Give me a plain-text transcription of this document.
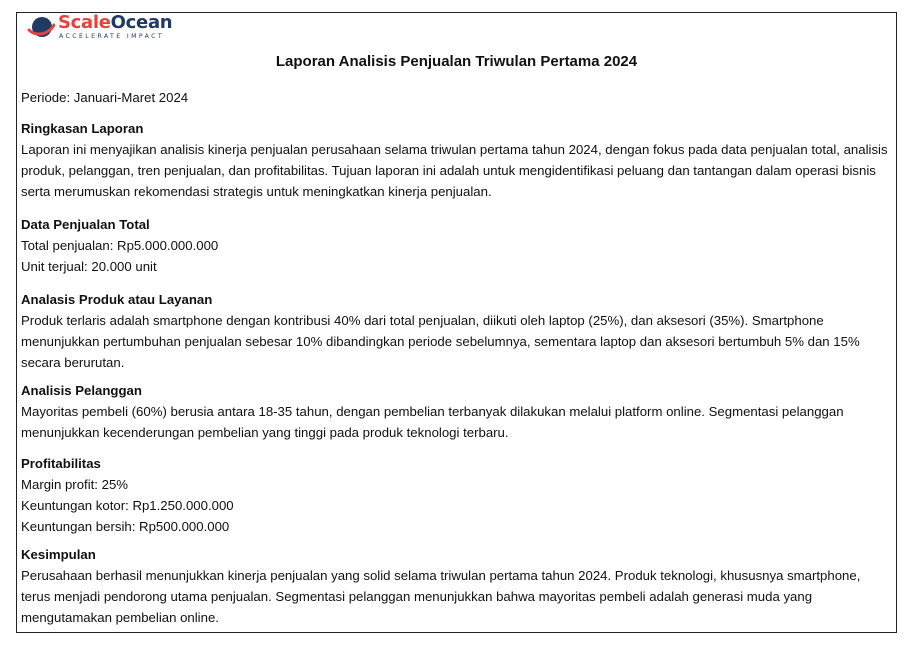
ScaleOcean
ACCELERATE IMPACT
Laporan Analisis Penjualan Triwulan Pertama 2024

Periode: Januari-Maret 2024

Ringkasan Laporan

Laporan ini menyajikan analisis kinerja penjualan perusahaan selama triwulan pertama tahun 2024, dengan fokus pada data penjualan total, analisis produk, pelanggan, tren penjualan, dan profitabilitas. Tujuan laporan ini adalah untuk mengidentifikasi peluang dan tantangan dalam operasi bisnis serta merumuskan rekomendasi strategis untuk meningkatkan kinerja penjualan.

Data Penjualan Total

Total penjualan: Rp5.000.000.000

Unit terjual: 20.000 unit

Analasis Produk atau Layanan

Produk terlaris adalah smartphone dengan kontribusi 40% dari total penjualan, diikuti oleh laptop (25%), dan aksesori (35%). Smartphone menunjukkan pertumbuhan penjualan sebesar 10% dibandingkan periode sebelumnya, sementara laptop dan aksesori bertumbuh 5% dan 15% secara berurutan.

Analisis Pelanggan

Mayoritas pembeli (60%) berusia antara 18-35 tahun, dengan pembelian terbanyak dilakukan melalui platform online. Segmentasi pelanggan menunjukkan kecenderungan pembelian yang tinggi pada produk teknologi terbaru.

Profitabilitas

Margin profit: 25%

Keuntungan kotor: Rp1.250.000.000

Keuntungan bersih: Rp500.000.000

Kesimpulan

Perusahaan berhasil menunjukkan kinerja penjualan yang solid selama triwulan pertama tahun 2024. Produk teknologi, khususnya smartphone, terus menjadi pendorong utama penjualan. Segmentasi pelanggan menunjukkan bahwa mayoritas pembeli adalah generasi muda yang mengutamakan pembelian online.
